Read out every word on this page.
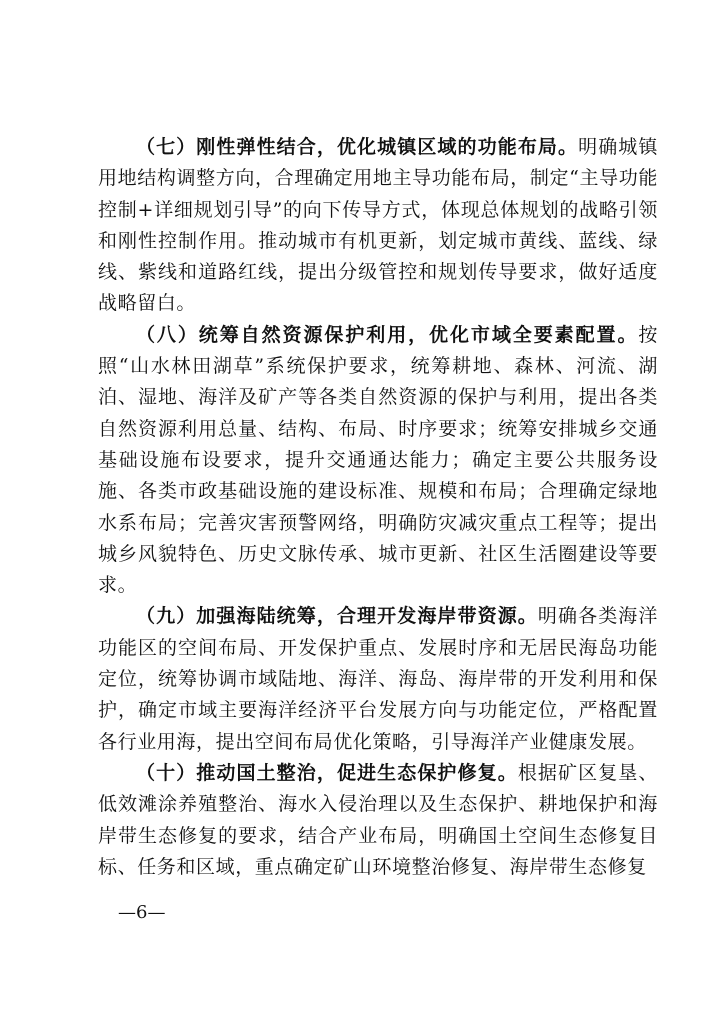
（七）刚性弹性结合，优化城镇区域的功能布局。明确城镇用地结构调整方向，合理确定用地主导功能布局，制定“主导功能控制+详细规划引导”的向下传导方式，体现总体规划的战略引领和刚性控制作用。推动城市有机更新，划定城市黄线、蓝线、绿线、紫线和道路红线，提出分级管控和规划传导要求，做好适度战略留白。

（八）统筹自然资源保护利用，优化市域全要素配置。按照“山水林田湖草”系统保护要求，统筹耕地、森林、河流、湖泊、湿地、海洋及矿产等各类自然资源的保护与利用，提出各类自然资源利用总量、结构、布局、时序要求；统筹安排城乡交通基础设施布设要求，提升交通通达能力；确定主要公共服务设施、各类市政基础设施的建设标准、规模和布局；合理确定绿地水系布局；完善灾害预警网络，明确防灾减灾重点工程等；提出城乡风貌特色、历史文脉传承、城市更新、社区生活圈建设等要求。

（九）加强海陆统筹，合理开发海岸带资源。明确各类海洋功能区的空间布局、开发保护重点、发展时序和无居民海岛功能定位，统筹协调市域陆地、海洋、海岛、海岸带的开发利用和保护，确定市域主要海洋经济平台发展方向与功能定位，严格配置各行业用海，提出空间布局优化策略，引导海洋产业健康发展。

（十）推动国土整治，促进生态保护修复。根据矿区复垦、低效滩涂养殖整治、海水入侵治理以及生态保护、耕地保护和海岸带生态修复的要求，结合产业布局，明确国土空间生态修复目标、任务和区域，重点确定矿山环境整治修复、海岸带生态修复

—6—
